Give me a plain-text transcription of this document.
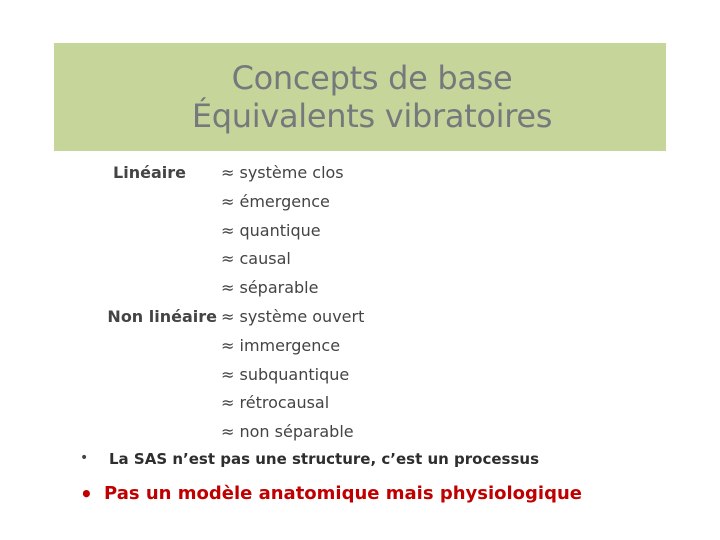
Concepts de base
Équivalents vibratoires
Linéaire ≈ système clos
≈ émergence
≈ quantique
≈ causal
≈ séparable
Non linéaire ≈ système ouvert
≈ immergence
≈ subquantique
≈ rétrocausal
≈ non séparable
• La SAS n’est pas une structure, c’est un processus
• Pas un modèle anatomique mais physiologique
